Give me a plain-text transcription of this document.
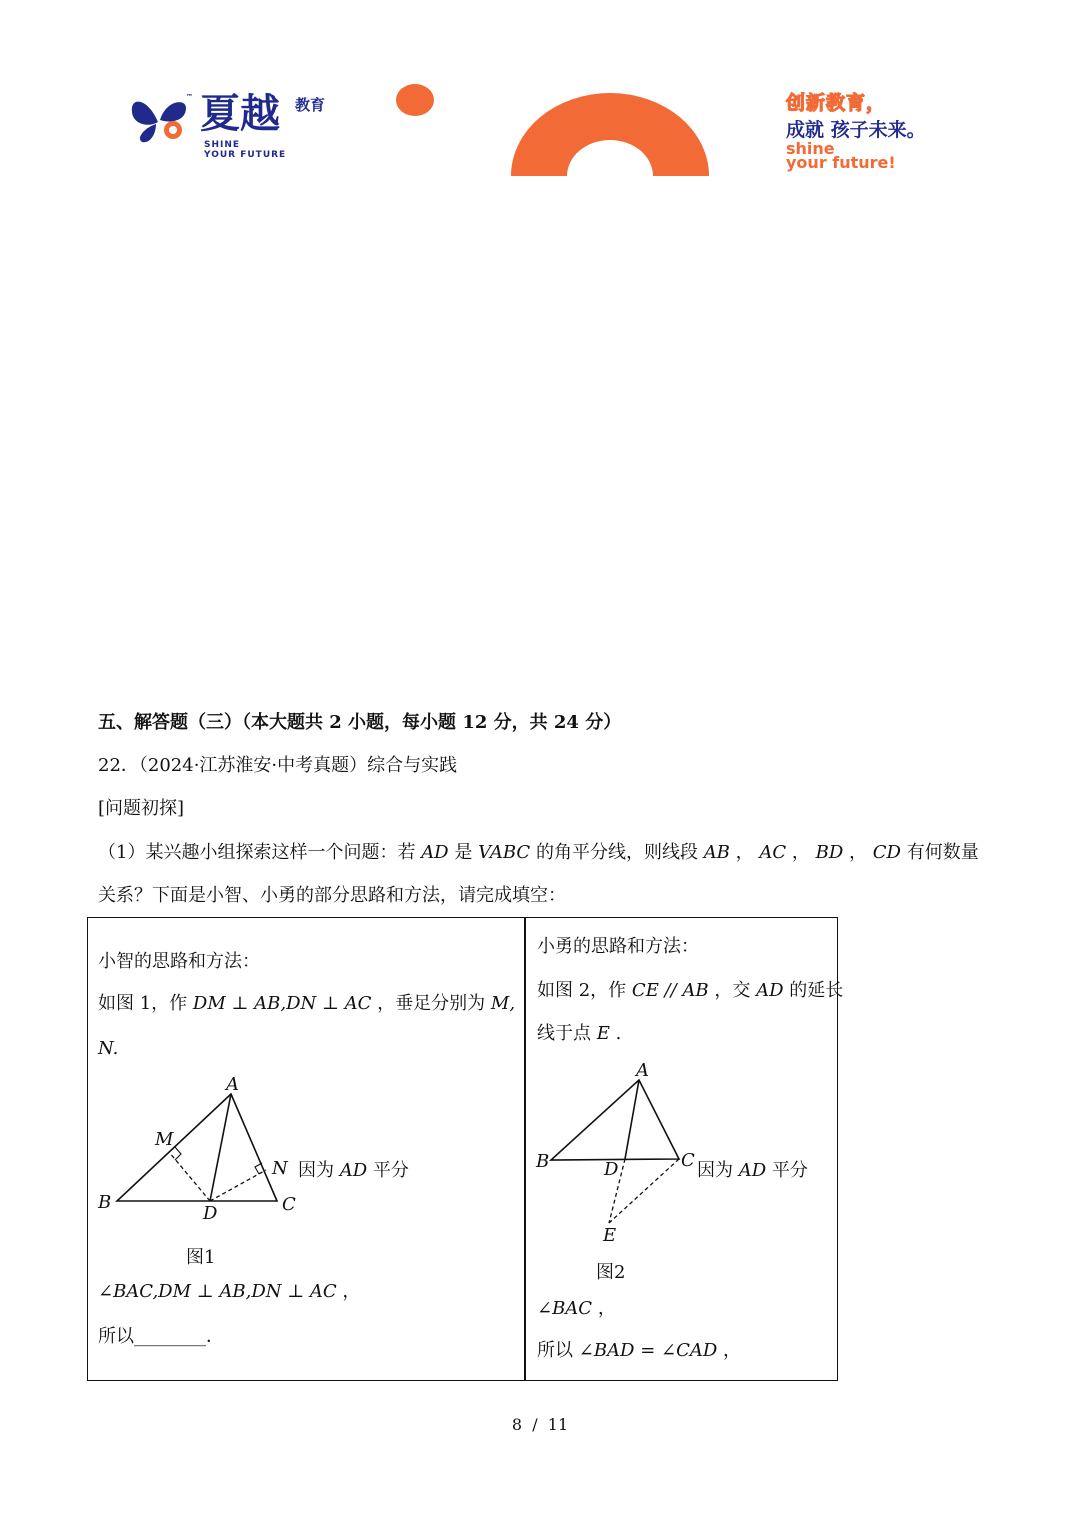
™ 夏越 教育
SHINE
YOUR FUTURE
创新教育，
成就 孩子未来。
shine
your future!
五、解答题（三）（本大题共 2 小题，每小题 12 分，共 24 分）
22．（2024·江苏淮安·中考真题）综合与实践
[问题初探]
（1）某兴趣小组探索这样一个问题：若 AD 是 VABC 的角平分线，则线段 AB ， AC ， BD ， CD 有何数量
关系？下面是小智、小勇的部分思路和方法，请完成填空：
小智的思路和方法：
如图 1，作 DM ⊥ AB,DN ⊥ AC ，垂足分别为 M,
N.
A
M
N
B
D	C
因为 AD 平分
图1
∠BAC,DM ⊥ AB,DN ⊥ AC ，
所以________．
小勇的思路和方法：
如图 2，作 CE // AB ，交 AD 的延长
线于点 E .
A
B	D	C
E
因为 AD 平分
图2
∠BAC ，
所以 ∠BAD = ∠CAD ，
8  /  11
